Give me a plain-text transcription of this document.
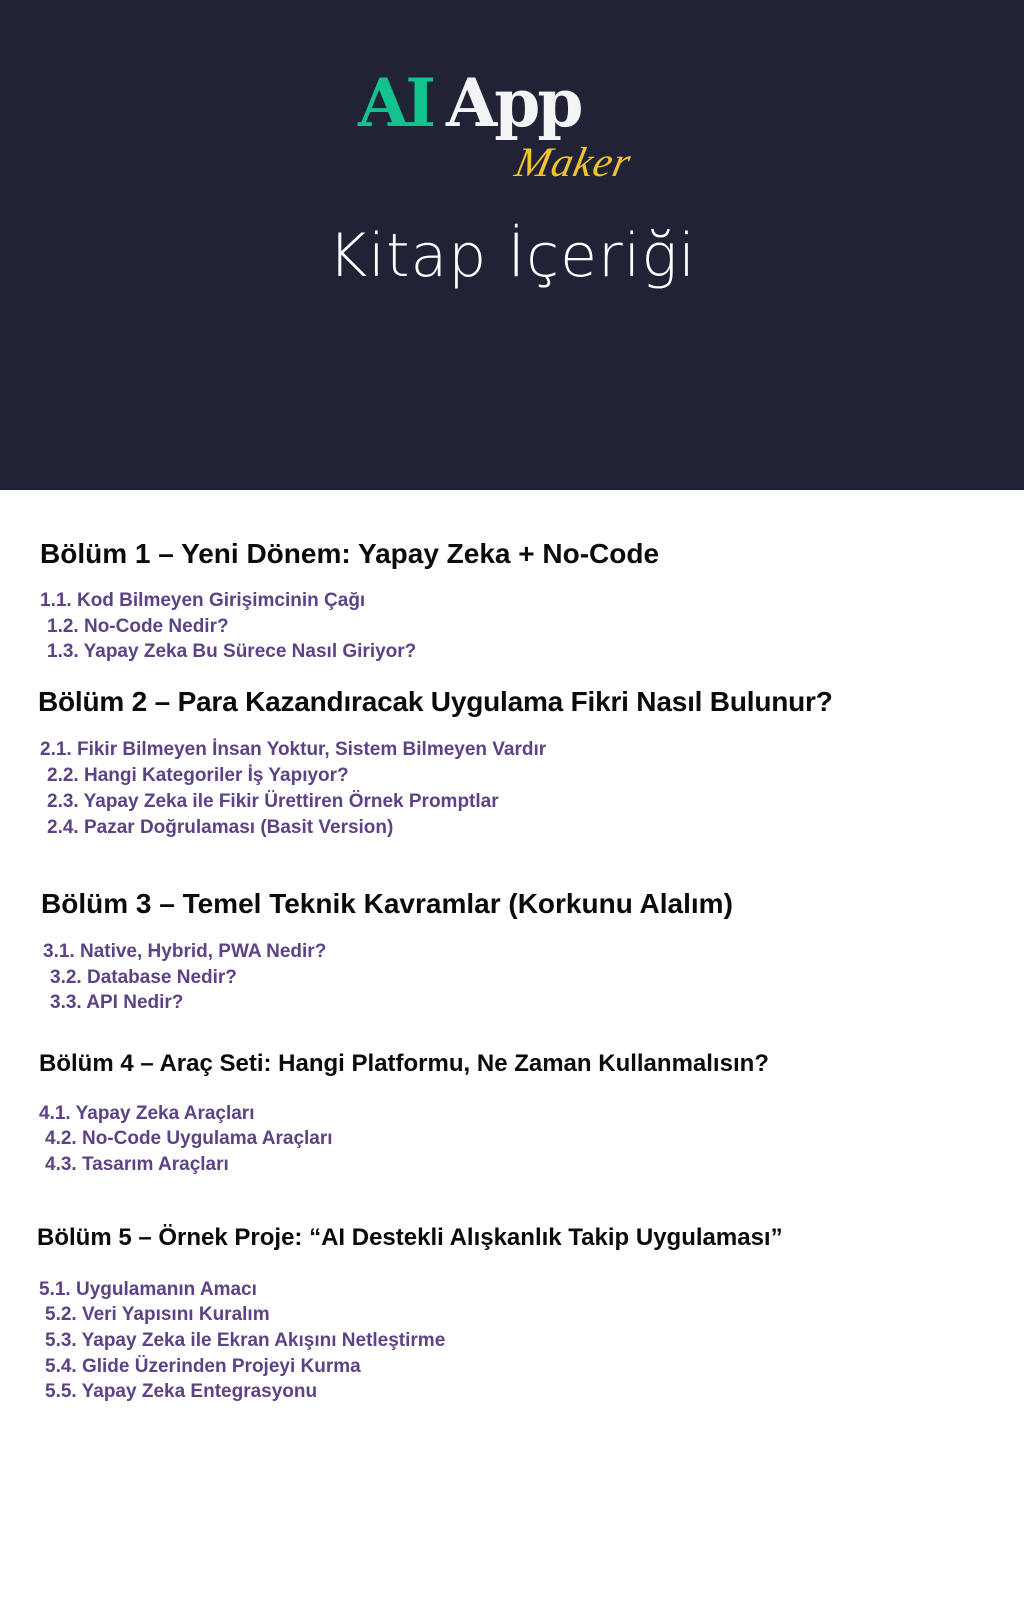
AI App
Maker
Kitap İçeriği
Bölüm 1 – Yeni Dönem: Yapay Zeka + No-Code
1.1. Kod Bilmeyen Girişimcinin Çağı
1.2. No-Code Nedir?
1.3. Yapay Zeka Bu Sürece Nasıl Giriyor?
Bölüm 2 – Para Kazandıracak Uygulama Fikri Nasıl Bulunur?
2.1. Fikir Bilmeyen İnsan Yoktur, Sistem Bilmeyen Vardır
2.2. Hangi Kategoriler İş Yapıyor?
2.3. Yapay Zeka ile Fikir Ürettiren Örnek Promptlar
2.4. Pazar Doğrulaması (Basit Version)
Bölüm 3 – Temel Teknik Kavramlar (Korkunu Alalım)
3.1. Native, Hybrid, PWA Nedir?
3.2. Database Nedir?
3.3. API Nedir?
Bölüm 4 – Araç Seti: Hangi Platformu, Ne Zaman Kullanmalısın?
4.1. Yapay Zeka Araçları
4.2. No-Code Uygulama Araçları
4.3. Tasarım Araçları
Bölüm 5 – Örnek Proje: “AI Destekli Alışkanlık Takip Uygulaması”
5.1. Uygulamanın Amacı
5.2. Veri Yapısını Kuralım
5.3. Yapay Zeka ile Ekran Akışını Netleştirme
5.4. Glide Üzerinden Projeyi Kurma
5.5. Yapay Zeka Entegrasyonu
